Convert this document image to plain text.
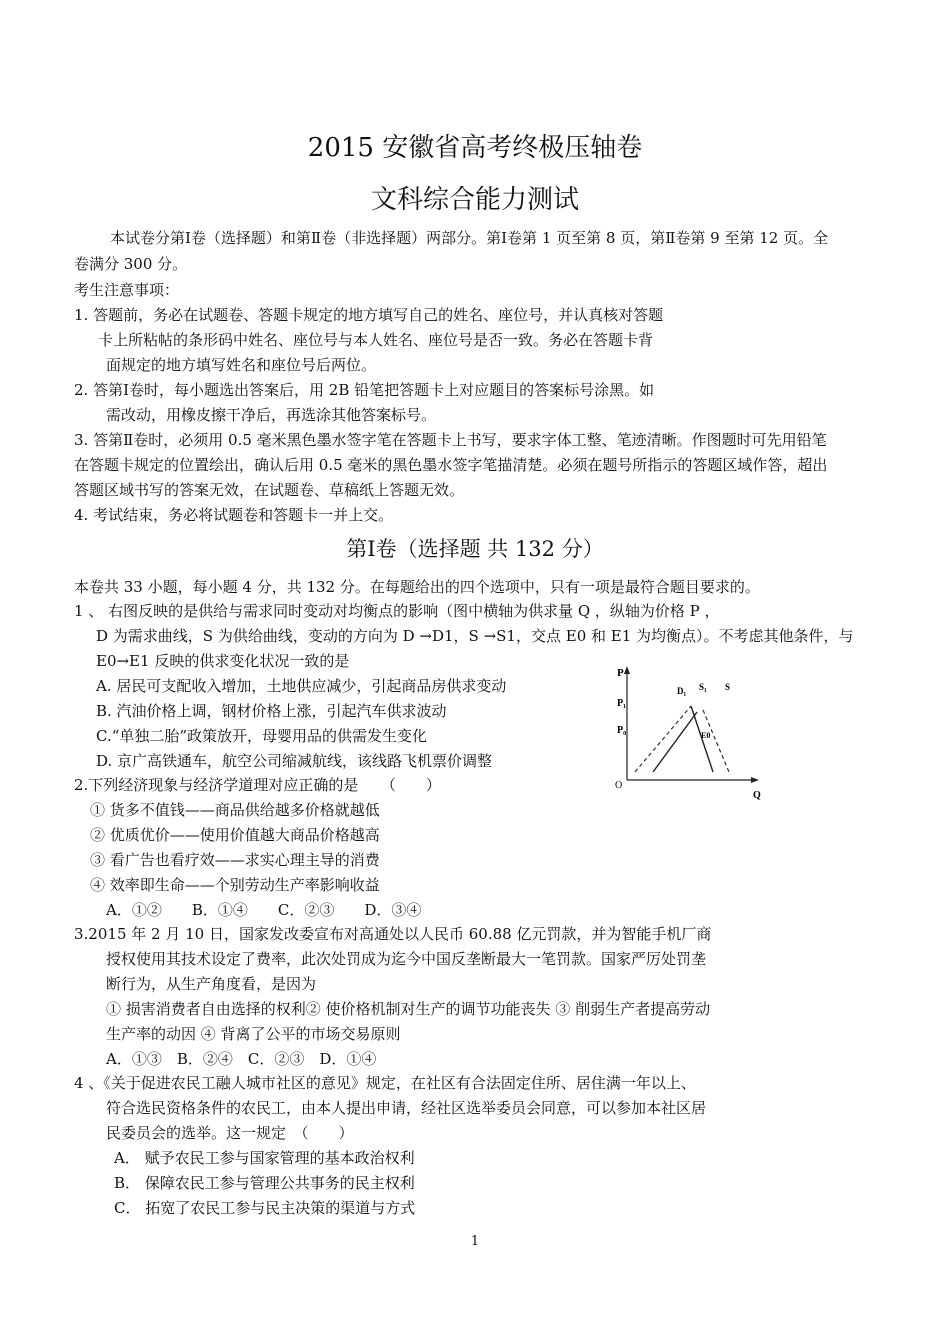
2015 安徽省高考终极压轴卷
文科综合能力测试
本试卷分第Ⅰ卷（选择题）和第Ⅱ卷（非选择题）两部分。第Ⅰ卷第 1 页至第 8 页，第Ⅱ卷第 9 至第 12 页。全
卷满分 300 分。
考生注意事项：
1. 答题前，务必在试题卷、答题卡规定的地方填写自己的姓名、座位号，并认真核对答题
卡上所粘帖的条形码中姓名、座位号与本人姓名、座位号是否一致。务必在答题卡背
面规定的地方填写姓名和座位号后两位。
2. 答第Ⅰ卷时，每小题选出答案后，用 2B 铅笔把答题卡上对应题目的答案标号涂黑。如
需改动，用橡皮擦干净后，再选涂其他答案标号。
3. 答第Ⅱ卷时，必须用 0.5 毫米黑色墨水签字笔在答题卡上书写，要求字体工整、笔迹清晰。作图题时可先用铅笔
在答题卡规定的位置绘出，确认后用 0.5 毫米的黑色墨水签字笔描清楚。必须在题号所指示的答题区域作答，超出
答题区域书写的答案无效，在试题卷、草稿纸上答题无效。
4. 考试结束，务必将试题卷和答题卡一并上交。
第Ⅰ卷（选择题 共 132 分）
本卷共 33 小题，每小题 4 分，共 132 分。在每题给出的四个选项中，只有一项是最符合题目要求的。
1 、 右图反映的是供给与需求同时变动对均衡点的影响（图中横轴为供求量 Q ，纵轴为价格 P ，
D 为需求曲线，S 为供给曲线，变动的方向为 D →D1，S →S1，交点 E0 和 E1 为均衡点）。不考虑其他条件，与
E0→E1 反映的供求变化状况一致的是
A. 居民可支配收入增加，土地供应减少，引起商品房供求变动
B. 汽油价格上调，钢材价格上涨，引起汽车供求波动
C.“单独二胎”政策放开，母婴用品的供需发生变化
D. 京广高铁通车，航空公司缩减航线，该线路飞机票价调整
P
P₁
P₀
O
Q
D₁ S₁ S
E0
2.下列经济现象与经济学道理对应正确的是　　（　　）
① 货多不值钱——商品供给越多价格就越低
② 优质优价——使用价值越大商品价格越高
③ 看广告也看疗效——求实心理主导的消费
④ 效率即生命——个别劳动生产率影响收益
A．①②　　B．①④　　C．②③　　D．③④
3.2015 年 2 月 10 日，国家发改委宣布对高通处以人民币 60.88 亿元罚款，并为智能手机厂商
授权使用其技术设定了费率，此次处罚成为迄今中国反垄断最大一笔罚款。国家严厉处罚垄
断行为，从生产角度看，是因为
① 损害消费者自由选择的权利② 使价格机制对生产的调节功能丧失 ③ 削弱生产者提高劳动
生产率的动因 ④ 背离了公平的市场交易原则
A．①③　B．②④　C．②③　D．①④
4 、《关于促进农民工融人城市社区的意见》规定，在社区有合法固定住所、居住满一年以上、
符合选民资格条件的农民工，由本人提出申请，经社区选举委员会同意，可以参加本社区居
民委员会的选举。这一规定　（　　）
A． 赋予农民工参与国家管理的基本政治权利
B． 保障农民工参与管理公共事务的民主权利
C． 拓宽了农民工参与民主决策的渠道与方式
1
